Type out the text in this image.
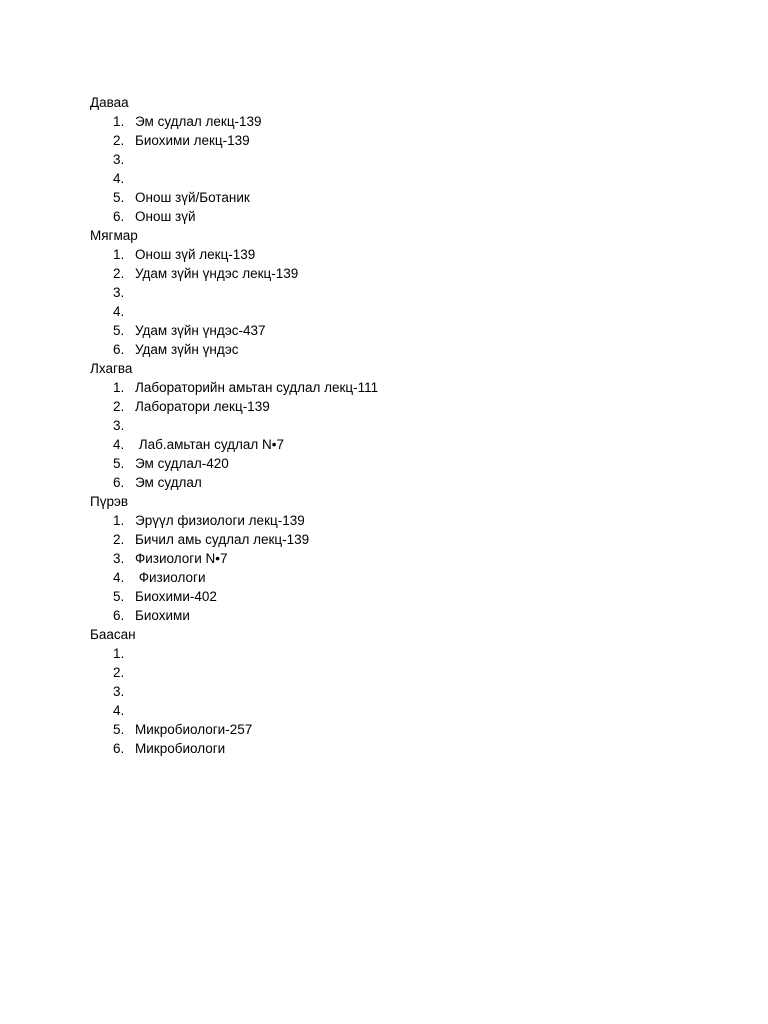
Даваа
1. Эм судлал лекц-139
2. Биохими лекц-139
3.
4.
5. Онош зүй/Ботаник
6. Онош зүй
Мягмар
1. Онош зүй лекц-139
2. Удам зүйн үндэс лекц-139
3.
4.
5. Удам зүйн үндэс-437
6. Удам зүйн үндэс
Лхагва
1. Лабораторийн амьтан судлал лекц-111
2. Лаборатори лекц-139
3.
4. Лаб.амьтан судлал N•7
5. Эм судлал-420
6. Эм судлал
Пүрэв
1. Эрүүл физиологи лекц-139
2. Бичил амь судлал лекц-139
3. Физиологи N•7
4. Физиологи
5. Биохими-402
6. Биохими
Баасан
1.
2.
3.
4.
5. Микробиологи-257
6. Микробиологи
